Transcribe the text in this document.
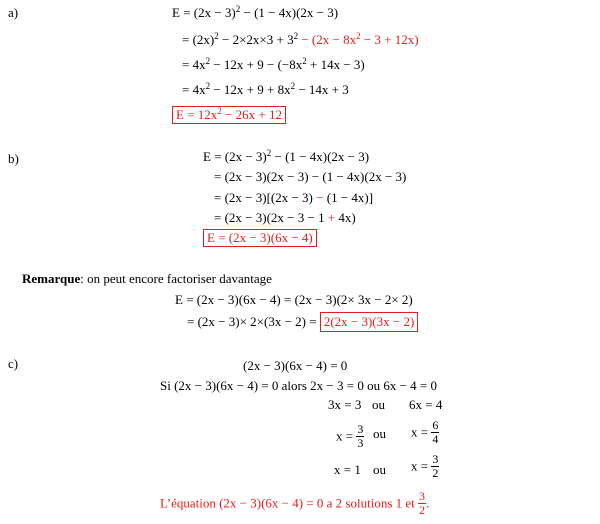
a)	$E = (2x - 3)^2 - (1 - 4x)(2x - 3)$
= $(2x)^2 - 2\times 2x\times 3 + 3^2 - (2x - 8x^2 - 3 + 12x)$
= $4x^2 - 12x + 9 - (-8x^2 + 14x - 3)$
= $4x^2 - 12x + 9 + 8x^2 - 14x + 3$
$E = 12x^2 - 26x + 12$
b)	$E = (2x - 3)^2 - (1 - 4x)(2x - 3)$
= (2x − 3)(2x − 3) − (1 − 4x)(2x − 3)
= (2x − 3)[(2x − 3) − (1 − 4x)]
= (2x − 3)(2x − 3 − 1 + 4x)
E = (2x − 3)(6x − 4)
Remarque: on peut encore factoriser davantage
E = (2x − 3)(6x − 4) = (2x − 3)(2× 3x − 2× 2)
= (2x − 3)× 2×(3x − 2) = 2(2x − 3)(3x − 2)
c)	(2x − 3)(6x − 4) = 0
Si (2x − 3)(6x − 4) = 0 alors 2x − 3 = 0 ou 6x − 4 = 0
3x = 3 ou 6x = 4
$x = \frac{3}{3}$ ou $x = \frac{6}{4}$
x = 1 ou $x = \frac{3}{2}$
L’équation (2x − 3)(6x − 4) = 0 a 2 solutions 1 et $\frac{3}{2}$ .
